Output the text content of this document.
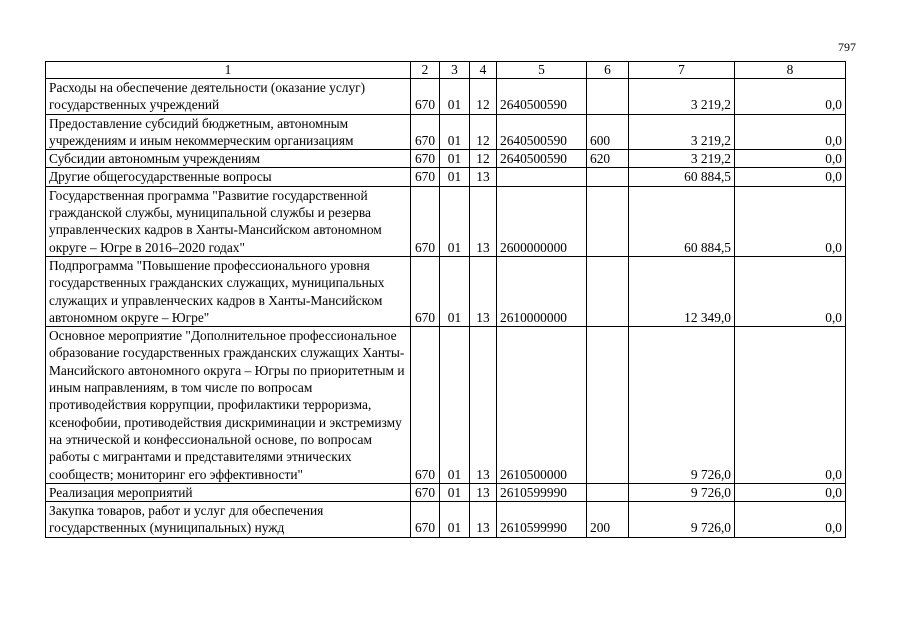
797
1	2	3	4	5	6	7	8
Расходы на обеспечение деятельности (оказание услуг) государственных учреждений	670	01	12	2640500590		3 219,2	0,0
Предоставление субсидий бюджетным, автономным учреждениям и иным некоммерческим организациям	670	01	12	2640500590	600	3 219,2	0,0
Субсидии автономным учреждениям	670	01	12	2640500590	620	3 219,2	0,0
Другие общегосударственные вопросы	670	01	13			60 884,5	0,0
Государственная программа "Развитие государственной гражданской службы, муниципальной службы и резерва управленческих кадров в Ханты-Мансийском автономном округе – Югре в 2016–2020 годах"	670	01	13	2600000000		60 884,5	0,0
Подпрограмма "Повышение профессионального уровня государственных гражданских служащих, муниципальных служащих и управленческих кадров в Ханты-Мансийском автономном округе – Югре"	670	01	13	2610000000		12 349,0	0,0
Основное мероприятие "Дополнительное профессиональное образование государственных гражданских служащих Ханты-Мансийского автономного округа – Югры по приоритетным и иным направлениям, в том числе по вопросам противодействия коррупции, профилактики терроризма, ксенофобии, противодействия дискриминации и экстремизму на этнической и конфессиональной основе, по вопросам работы с мигрантами и представителями этнических сообществ; мониторинг его эффективности"	670	01	13	2610500000		9 726,0	0,0
Реализация мероприятий	670	01	13	2610599990		9 726,0	0,0
Закупка товаров, работ и услуг для обеспечения государственных (муниципальных) нужд	670	01	13	2610599990	200	9 726,0	0,0
